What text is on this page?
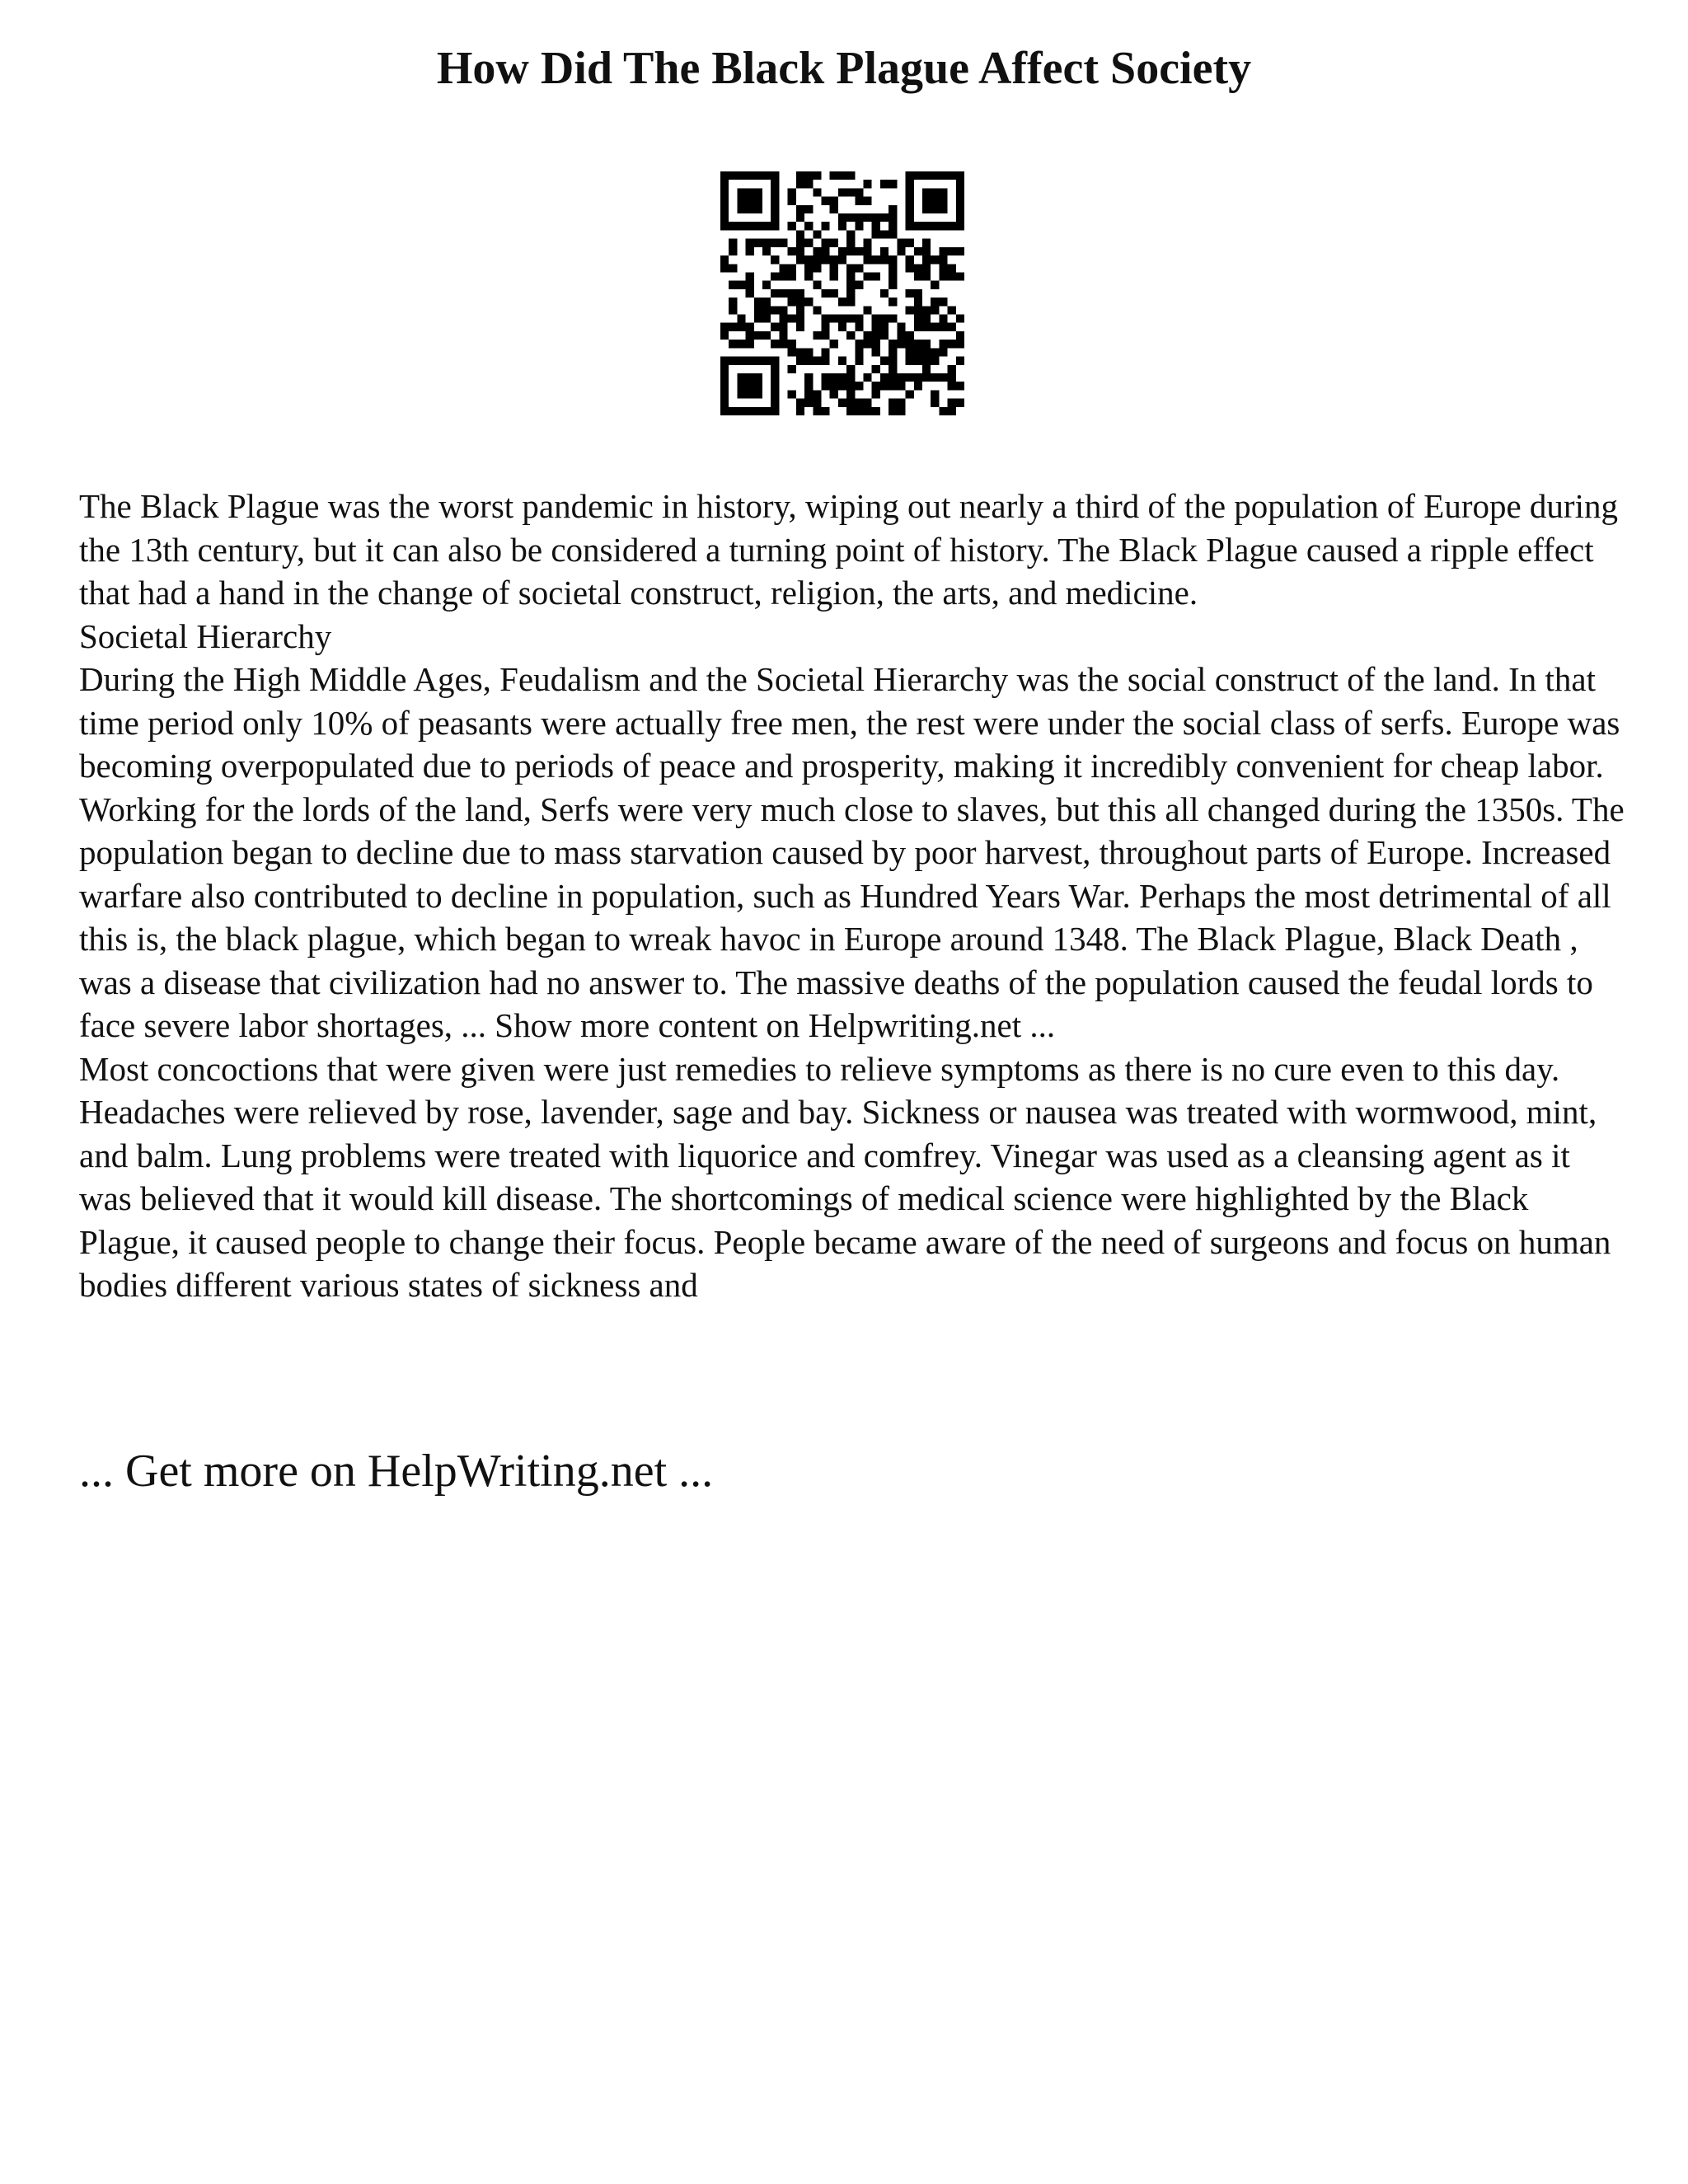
How Did The Black Plague Affect Society

The Black Plague was the worst pandemic in history, wiping out nearly a third of the population of Europe during the 13th century, but it can also be considered a turning point of history. The Black Plague caused a ripple effect that had a hand in the change of societal construct, religion, the arts, and medicine.

Societal Hierarchy

During the High Middle Ages, Feudalism and the Societal Hierarchy was the social construct of the land. In that time period only 10% of peasants were actually free men, the rest were under the social class of serfs. Europe was becoming overpopulated due to periods of peace and prosperity, making it incredibly convenient for cheap labor. Working for the lords of the land, Serfs were very much close to slaves, but this all changed during the 1350s. The population began to decline due to mass starvation caused by poor harvest, throughout parts of Europe. Increased warfare also contributed to decline in population, such as Hundred Years War. Perhaps the most detrimental of all this is, the black plague, which began to wreak havoc in Europe around 1348. The Black Plague, Black Death , was a disease that civilization had no answer to. The massive deaths of the population caused the feudal lords to face severe labor shortages, ... Show more content on Helpwriting.net ...

Most concoctions that were given were just remedies to relieve symptoms as there is no cure even to this day. Headaches were relieved by rose, lavender, sage and bay. Sickness or nausea was treated with wormwood, mint, and balm. Lung problems were treated with liquorice and comfrey. Vinegar was used as a cleansing agent as it was believed that it would kill disease. The shortcomings of medical science were highlighted by the Black Plague, it caused people to change their focus. People became aware of the need of surgeons and focus on human bodies different various states of sickness and

... Get more on HelpWriting.net ...
